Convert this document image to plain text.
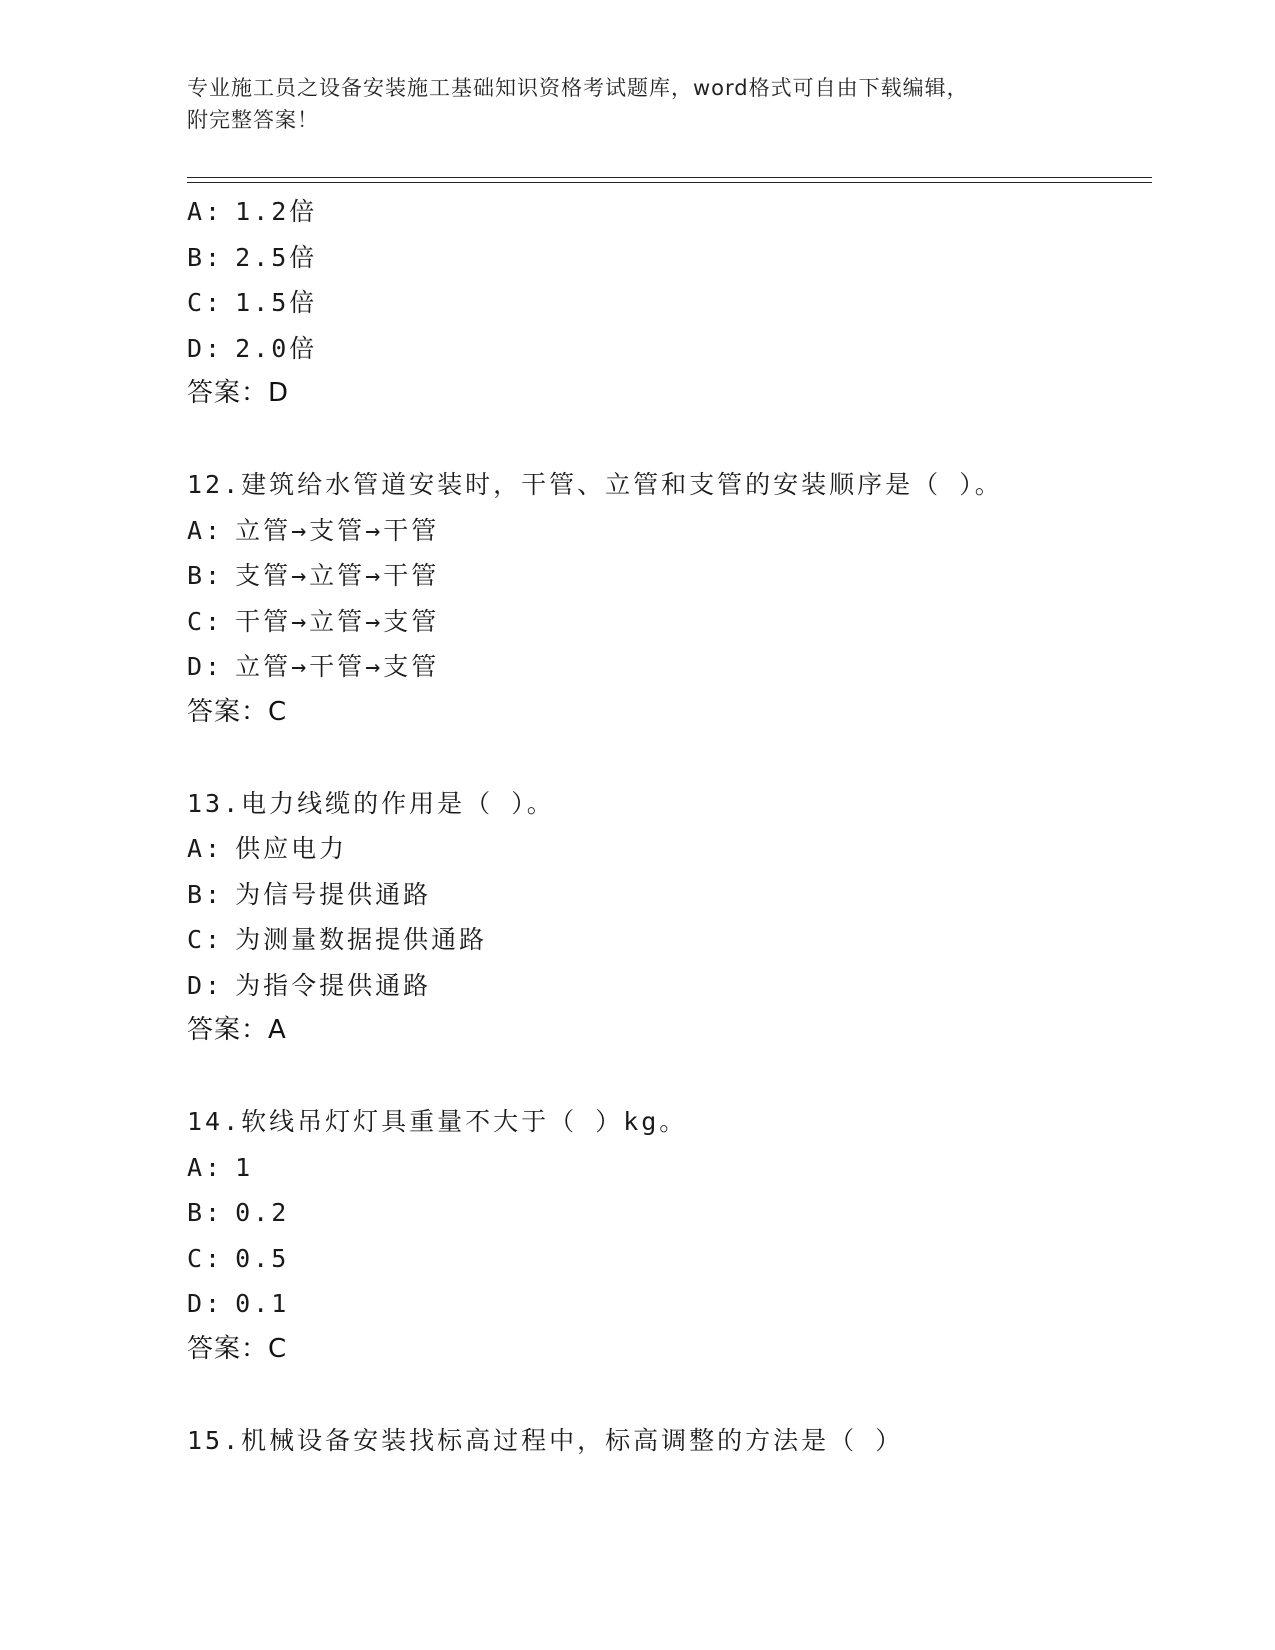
专业施工员之设备安装施工基础知识资格考试题库，word格式可自由下载编辑，
附完整答案！
A: 1.2倍
B: 2.5倍
C: 1.5倍
D: 2.0倍
答案：D
12.建筑给水管道安装时，干管、立管和支管的安装顺序是（ ）。
A: 立管→支管→干管
B: 支管→立管→干管
C: 干管→立管→支管
D: 立管→干管→支管
答案：C
13.电力线缆的作用是（ ）。
A: 供应电力
B: 为信号提供通路
C: 为测量数据提供通路
D: 为指令提供通路
答案：A
14.软线吊灯灯具重量不大于（ ）kg。
A: 1
B: 0.2
C: 0.5
D: 0.1
答案：C
15.机械设备安装找标高过程中，标高调整的方法是（ ）
